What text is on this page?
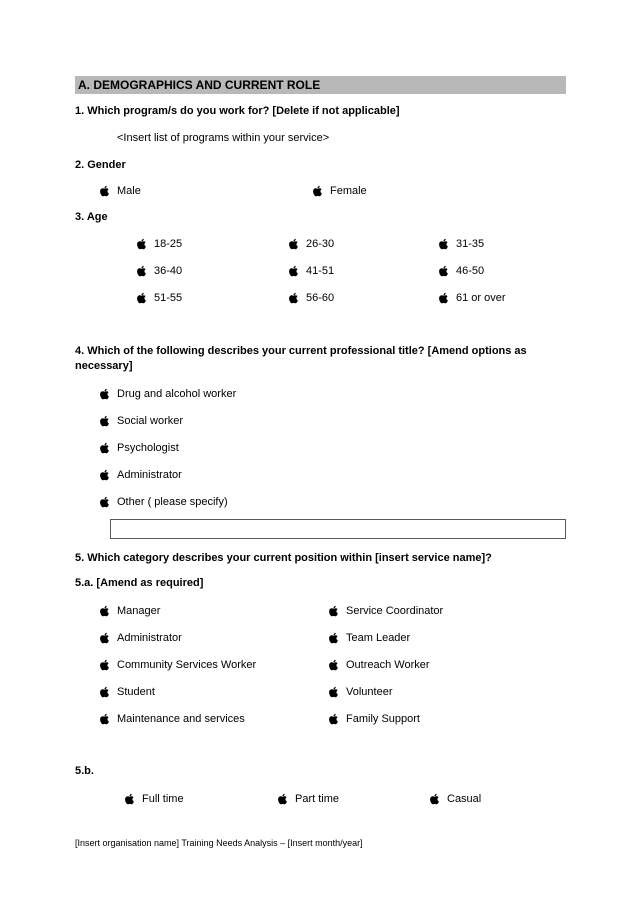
A. DEMOGRAPHICS AND CURRENT ROLE

1. Which program/s do you work for? [Delete if not applicable]

<Insert list of programs within your service>

2. Gender

Male	Female

3. Age

18-25	26-30	31-35
36-40	41-51	46-50
51-55	56-60	61 or over

4. Which of the following describes your current professional title? [Amend options as necessary]

Drug and alcohol worker
Social worker
Psychologist
Administrator
Other ( please specify)

5. Which category describes your current position within [insert service name]?

5.a. [Amend as required]

Manager	Service Coordinator
Administrator	Team Leader
Community Services Worker	Outreach Worker
Student	Volunteer
Maintenance and services	Family Support

5.b.

Full time	Part time	Casual

[Insert organisation name] Training Needs Analysis – [Insert month/year]
